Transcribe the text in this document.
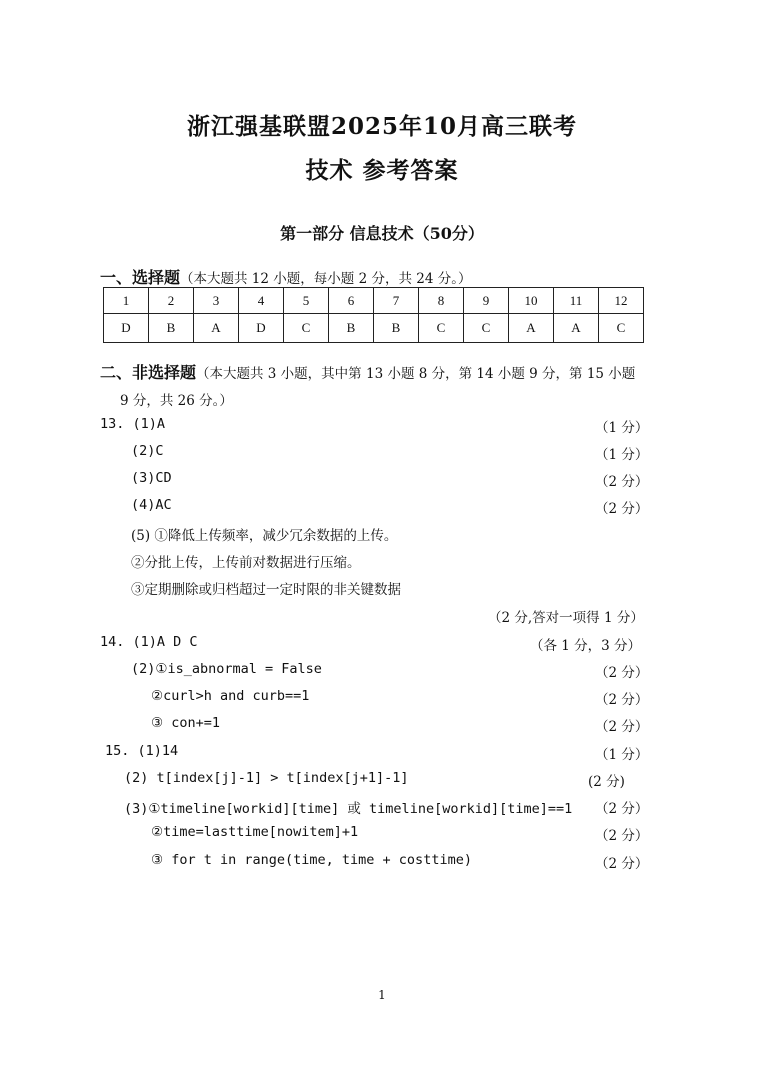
浙江强基联盟2025年10月高三联考
技术 参考答案
第一部分 信息技术（50分）
一、选择题（本大题共 12 小题，每小题 2 分，共 24 分。）
1	2	3	4	5	6	7	8	9	10	11	12
D	B	A	D	C	B	B	C	C	A	A	C
二、非选择题（本大题共 3 小题，其中第 13 小题 8 分，第 14 小题 9 分，第 15 小题
9 分，共 26 分。）
13. (1)A	（1 分）
(2)C	（1 分）
(3)CD	（2 分）
(4)AC	（2 分）
(5) ①降低上传频率，减少冗余数据的上传。
②分批上传，上传前对数据进行压缩。
③定期删除或归档超过一定时限的非关键数据
（2 分,答对一项得 1 分）
14. (1)A D C	（各 1 分，3 分）
(2)①is_abnormal = False	（2 分）
②curl>h and curb==1	（2 分）
③ con+=1	（2 分）
15. (1)14	（1 分）
(2) t[index[j]-1] > t[index[j+1]-1]	(2 分)
(3)①timeline[workid][time] 或 timeline[workid][time]==1 （2 分）
②time=lasttime[nowitem]+1	（2 分）
③ for t in range(time, time + costtime)	（2 分）
1
